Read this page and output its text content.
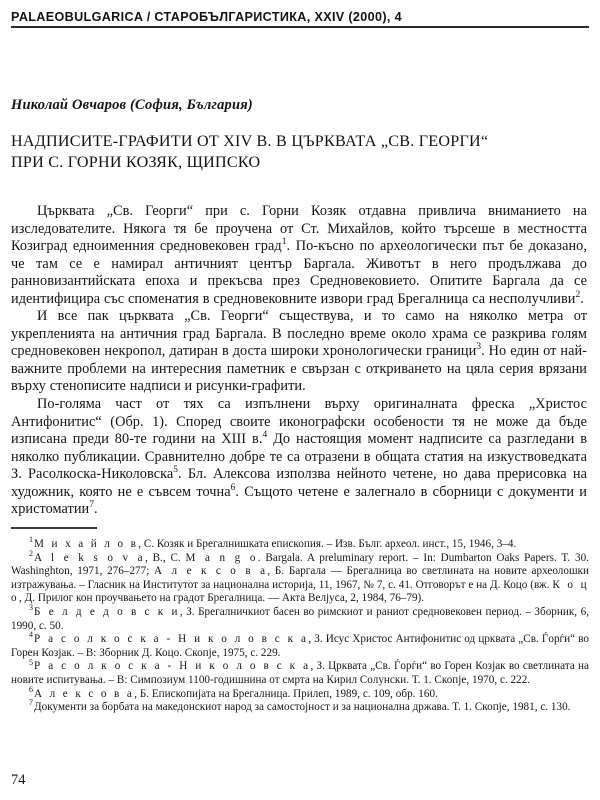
PALAEOBULGARICA / СТАРОБЪЛГАРИСТИКА, XXIV (2000), 4
Николай Овчаров (София, България)
НАДПИСИТЕ-ГРАФИТИ ОТ XIV В. В ЦЪРКВАТА „СВ. ГЕОРГИ“
ПРИ С. ГОРНИ КОЗЯК, ЩИПСКО

Църквата „Св. Георги“ при с. Горни Козяк отдавна привлича вниманието на изследователите. Някога тя бе проучена от Ст. Михайлов, който търсеше в местността Козиград едноименния средновековен град$^1$. По-късно по археологически път бе доказано, че там се е намирал античният център Баргала. Животът в него продължава до ранновизантийската епоха и прекъсва през Средновековието. Опитите Баргала да се идентифицира със споменатия в средновековните извори град Брегалница са несполучливи$^2$.

И все пак църквата „Св. Георги“ съществува, и то само на няколко метра от укрепленията на античния град Баргала. В последно време около храма се разкрива голям средновековен некропол, датиран в доста широки хронологически граници$^3$. Но един от най-важните проблеми на интересния паметник е свързан с откриването на цяла серия врязани върху стенописите надписи и рисунки-графити.

По-голяма част от тях са изпълнени върху оригиналната фреска „Христос Антифонитис“ (Обр. 1). Според своите иконографски особености тя не може да бъде изписана преди 80-те години на XIII в.$^4$ До настоящия момент надписите са разгледани в няколко публикации. Сравнително добре те са отразени в общата статия на изкуствоведката З. Расолкоска-Николовска$^5$. Бл. Алексова използва нейното четене, но дава прерисовка на художник, която не е съвсем точна$^6$. Същото четене е залегнало в сборници с документи и христоматии$^7$.

$^1$М и х а й л о в, С. Козяк и Брегалнишката епископия. – Изв. Бълг. археол. инст., 15, 1946, 3–4.

$^2$A l e k s o v a, B., C. M a n g o. Bargala. A preluminary report. – In: Dumbarton Oaks Papers. T. 30. Washinghton, 1971, 276–277; А л е к с о в а, Б. Баргала — Брегалница во светлината на новите археолошки изтражувања. – Гласник на Институтот за национална историја, 11, 1967, № 7, с. 41. Отговорът е на Д. Коцо (вж. К о ц о, Д. Прилог кон проучвањето на градот Брегалница. — Акта Велјуса, 2, 1984, 76–79).

$^3$Б е л д е д о в с к и, З. Брегалничкиот басен во римскиот и раниот средновековен период. – Зборник, 6, 1990, с. 50.

$^4$Р а с о л к о с к а - Н и к о л о в с к а, З. Исус Христос Антифонитис од црквата „Св. Ѓорѓи“ во Горен Козјак. – В: Зборник Д. Коцо. Скопје, 1975, с. 229.

$^5$Р а с о л к о с к а - Н и к о л о в с к а, З. Црквата „Св. Ѓорѓи“ во Горен Козјак во светлината на новите испитувања. – В: Симпозиум 1100-годишнина от смрта на Кирил Солунски. Т. 1. Скопје, 1970, с. 222.

$^6$А л е к с о в а, Б. Епископијата на Брегалница. Прилеп, 1989, с. 109, обр. 160.

$^7$Документи за борбата на македонскиот народ за самостојност и за национална држава. Т. 1. Скопје, 1981, с. 130.

74
